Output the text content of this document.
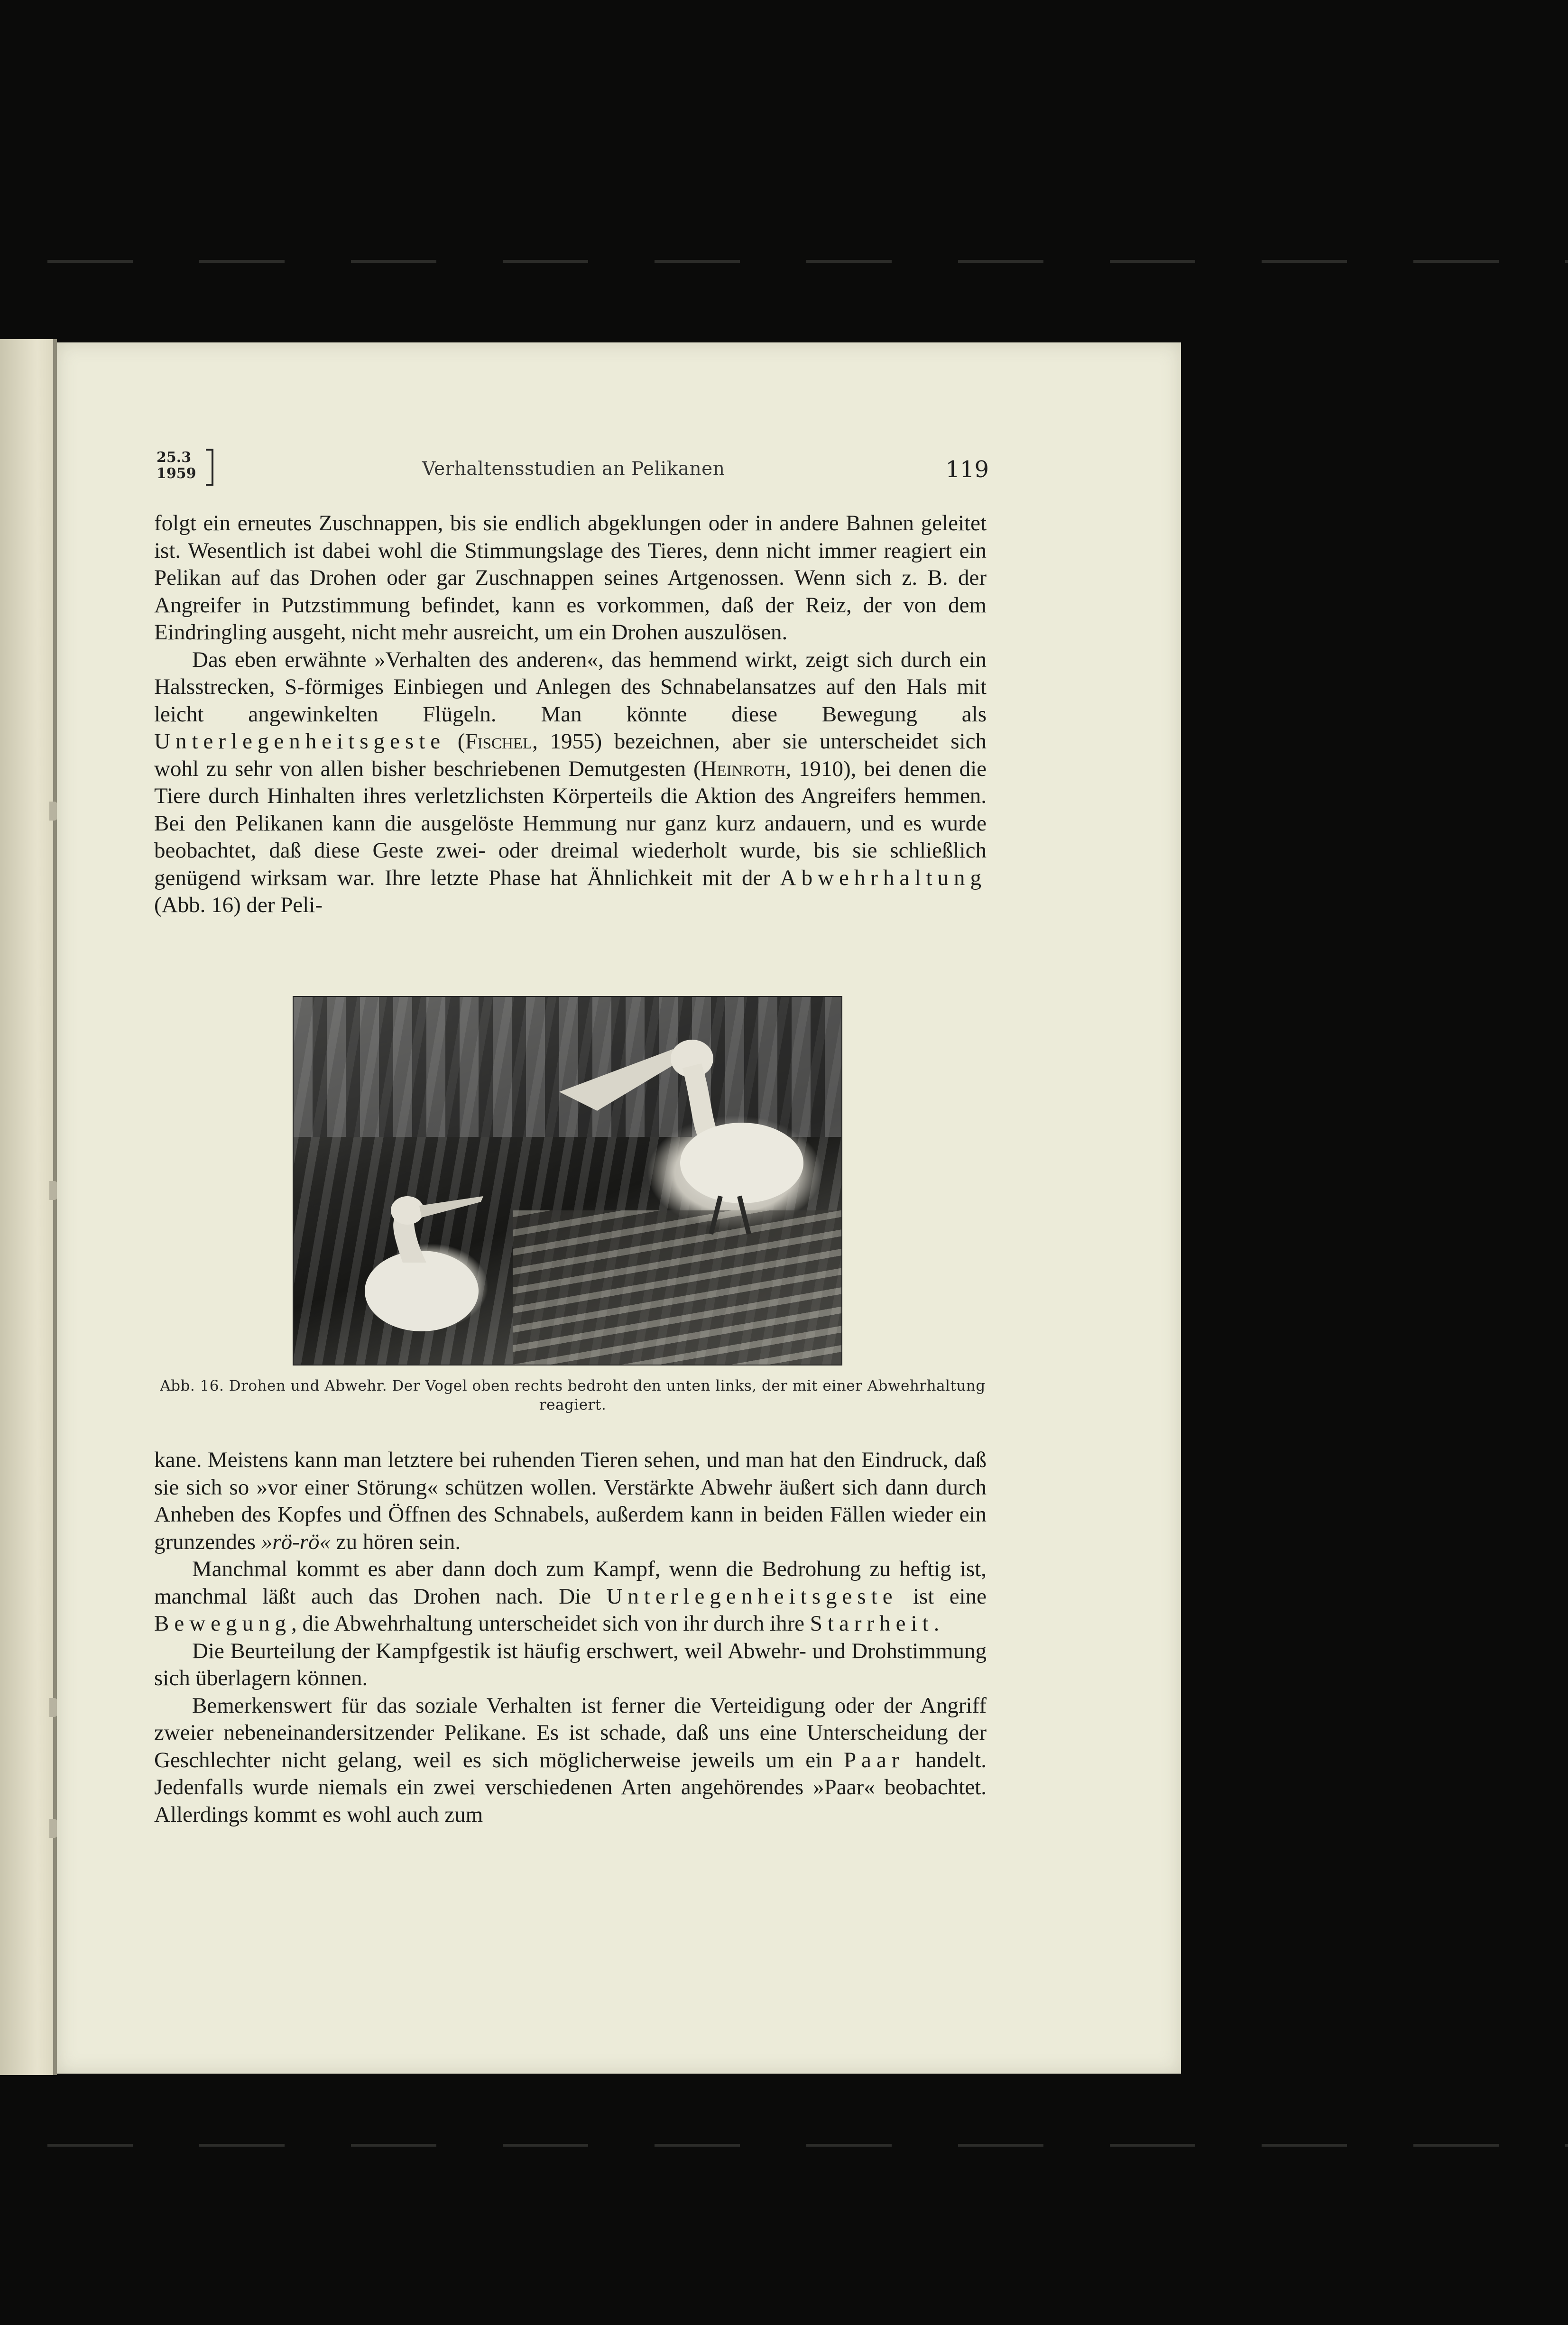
25.3
1959	Verhaltensstudien an Pelikanen	119

folgt ein erneutes Zuschnappen, bis sie endlich abgeklungen oder in andere Bahnen geleitet ist. Wesentlich ist dabei wohl die Stimmungslage des Tieres, denn nicht immer reagiert ein Pelikan auf das Drohen oder gar Zuschnappen seines Artgenossen. Wenn sich z. B. der Angreifer in Putzstimmung befindet, kann es vorkommen, daß der Reiz, der von dem Eindringling ausgeht, nicht mehr ausreicht, um ein Drohen auszulösen.

Das eben erwähnte »Verhalten des anderen«, das hemmend wirkt, zeigt sich durch ein Halsstrecken, S-förmiges Einbiegen und Anlegen des Schnabelansatzes auf den Hals mit leicht angewinkelten Flügeln. Man könnte diese Bewegung als Unterlegenheitsgeste (Fischel, 1955) bezeichnen, aber sie unterscheidet sich wohl zu sehr von allen bisher beschriebenen Demutgesten (Heinroth, 1910), bei denen die Tiere durch Hinhalten ihres verletzlichsten Körperteils die Aktion des Angreifers hemmen. Bei den Pelikanen kann die ausgelöste Hemmung nur ganz kurz andauern, und es wurde beobachtet, daß diese Geste zwei- oder dreimal wiederholt wurde, bis sie schließlich genügend wirksam war. Ihre letzte Phase hat Ähnlichkeit mit der Abwehrhaltung (Abb. 16) der Peli-

Abb. 16. Drohen und Abwehr. Der Vogel oben rechts bedroht den unten links, der mit einer Abwehrhaltung reagiert.

kane. Meistens kann man letztere bei ruhenden Tieren sehen, und man hat den Eindruck, daß sie sich so »vor einer Störung« schützen wollen. Verstärkte Abwehr äußert sich dann durch Anheben des Kopfes und Öffnen des Schnabels, außerdem kann in beiden Fällen wieder ein grunzendes »rö-rö« zu hören sein.

Manchmal kommt es aber dann doch zum Kampf, wenn die Bedrohung zu heftig ist, manchmal läßt auch das Drohen nach. Die Unterlegenheitsgeste ist eine Bewegung, die Abwehrhaltung unterscheidet sich von ihr durch ihre Starrheit.

Die Beurteilung der Kampfgestik ist häufig erschwert, weil Abwehr- und Drohstimmung sich überlagern können.

Bemerkenswert für das soziale Verhalten ist ferner die Verteidigung oder der Angriff zweier nebeneinandersitzender Pelikane. Es ist schade, daß uns eine Unterscheidung der Geschlechter nicht gelang, weil es sich möglicherweise jeweils um ein Paar handelt. Jedenfalls wurde niemals ein zwei verschiedenen Arten angehörendes »Paar« beobachtet. Allerdings kommt es wohl auch zum
